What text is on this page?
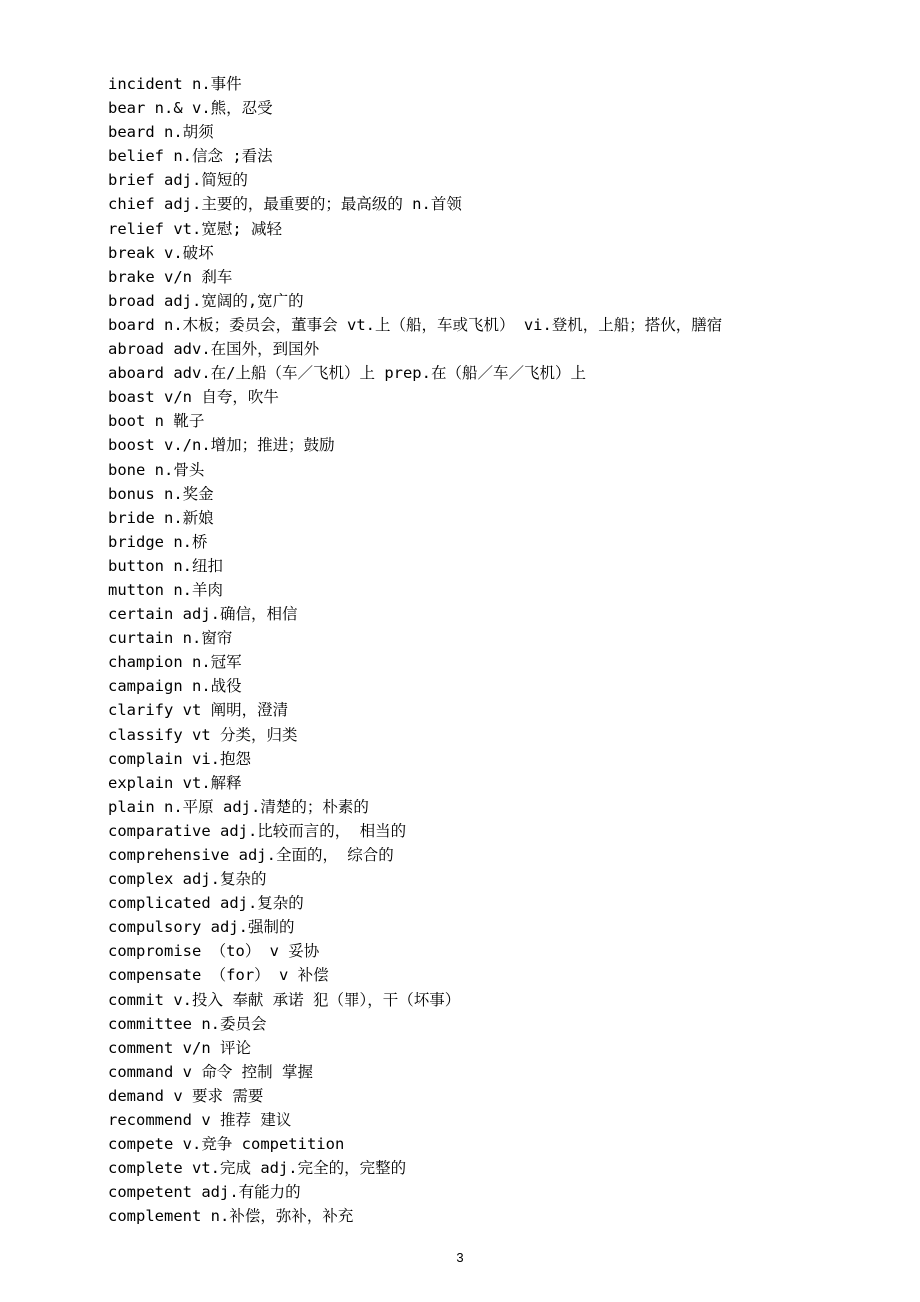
incident n.事件
bear n.& v.熊，忍受
beard n.胡须
belief n.信念 ;看法
brief adj.简短的
chief adj.主要的，最重要的；最高级的 n.首领
relief vt.宽慰; 减轻
break v.破坏
brake v/n 刹车
broad adj.宽阔的,宽广的
board n.木板；委员会，董事会 vt.上（船，车或飞机） vi.登机，上船；搭伙，膳宿
abroad adv.在国外，到国外
aboard adv.在/上船（车／飞机）上 prep.在（船／车／飞机）上
boast v/n 自夸，吹牛
boot n 靴子
boost v./n.增加；推进；鼓励
bone n.骨头
bonus n.奖金
bride n.新娘
bridge n.桥
button n.纽扣
mutton n.羊肉
certain adj.确信，相信
curtain n.窗帘
champion n.冠军
campaign n.战役
clarify vt 阐明，澄清
classify vt 分类，归类
complain vi.抱怨
explain vt.解释
plain n.平原 adj.清楚的；朴素的
comparative adj.比较而言的， 相当的
comprehensive adj.全面的， 综合的
complex adj.复杂的
complicated adj.复杂的
compulsory adj.强制的
compromise （to） v 妥协
compensate （for） v 补偿
commit v.投入 奉献 承诺 犯（罪），干（坏事）
committee n.委员会
comment v/n 评论
command v 命令 控制 掌握
demand v 要求 需要
recommend v 推荐 建议
compete v.竞争 competition
complete vt.完成 adj.完全的，完整的
competent adj.有能力的
complement n.补偿，弥补，补充
3
